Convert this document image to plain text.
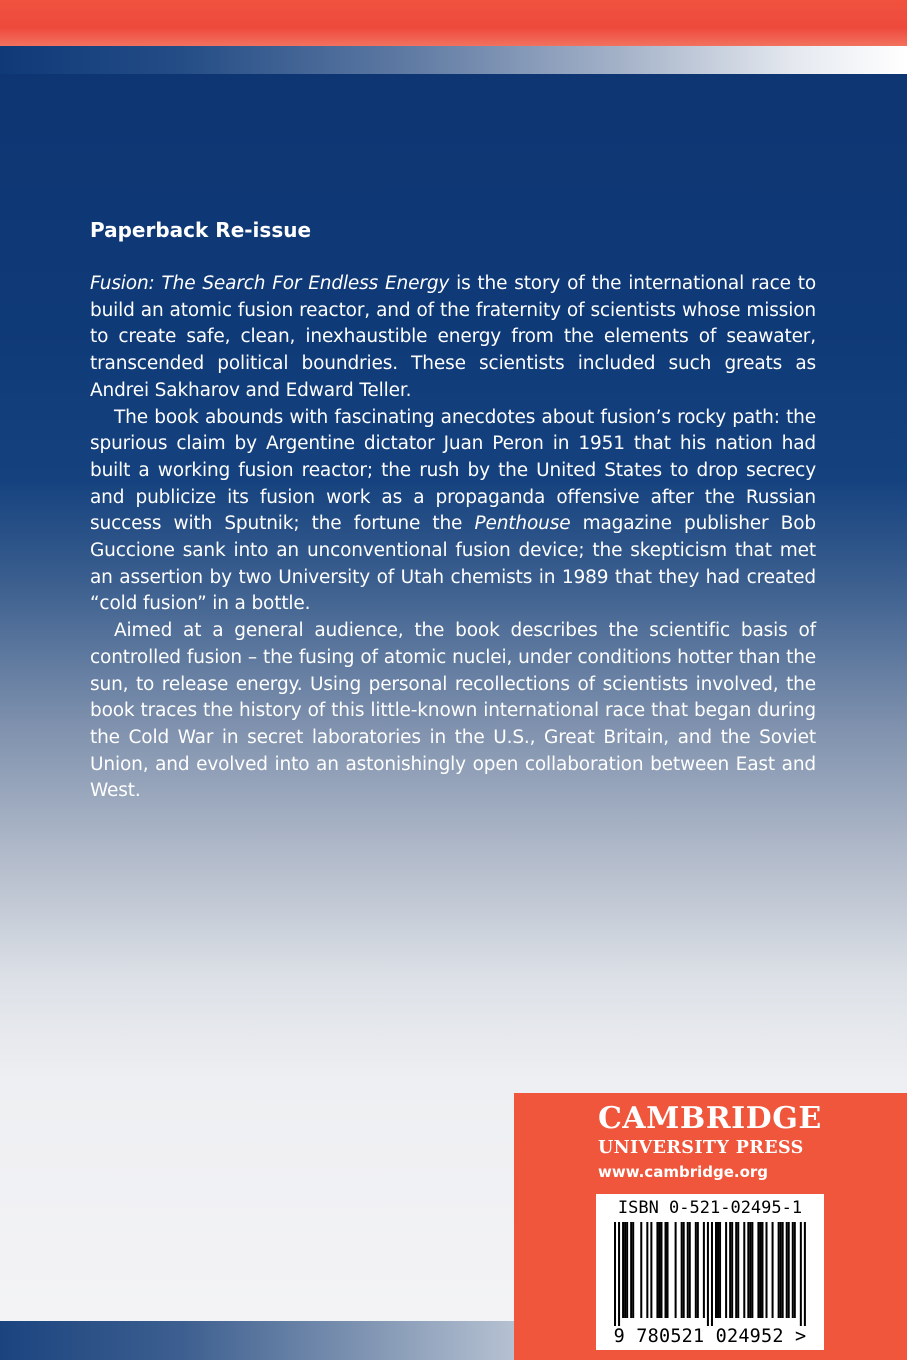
Paperback Re-issue

Fusion: The Search For Endless Energy is the story of the international race to build an atomic fusion reactor, and of the fraternity of scientists whose mission to create safe, clean, inexhaustible energy from the elements of seawater, transcended political boundries. These scientists included such greats as Andrei Sakharov and Edward Teller.

The book abounds with fascinating anecdotes about fusion’s rocky path: the spurious claim by Argentine dictator Juan Peron in 1951 that his nation had built a working fusion reactor; the rush by the United States to drop secrecy and publicize its fusion work as a propaganda offensive after the Russian success with Sputnik; the fortune the Penthouse magazine publisher Bob Guccione sank into an unconventional fusion device; the skepticism that met an assertion by two University of Utah chemists in 1989 that they had created “cold fusion” in a bottle.

Aimed at a general audience, the book describes the scientific basis of controlled fusion – the fusing of atomic nuclei, under conditions hotter than the sun, to release energy. Using personal recollections of scientists involved, the book traces the history of this little-known international race that began during the Cold War in secret laboratories in the U.S., Great Britain, and the Soviet Union, and evolved into an astonishingly open collaboration between East and West.

CAMBRIDGE
UNIVERSITY PRESS
www.cambridge.org
ISBN 0-521-02495-1
9 780521 024952 >
